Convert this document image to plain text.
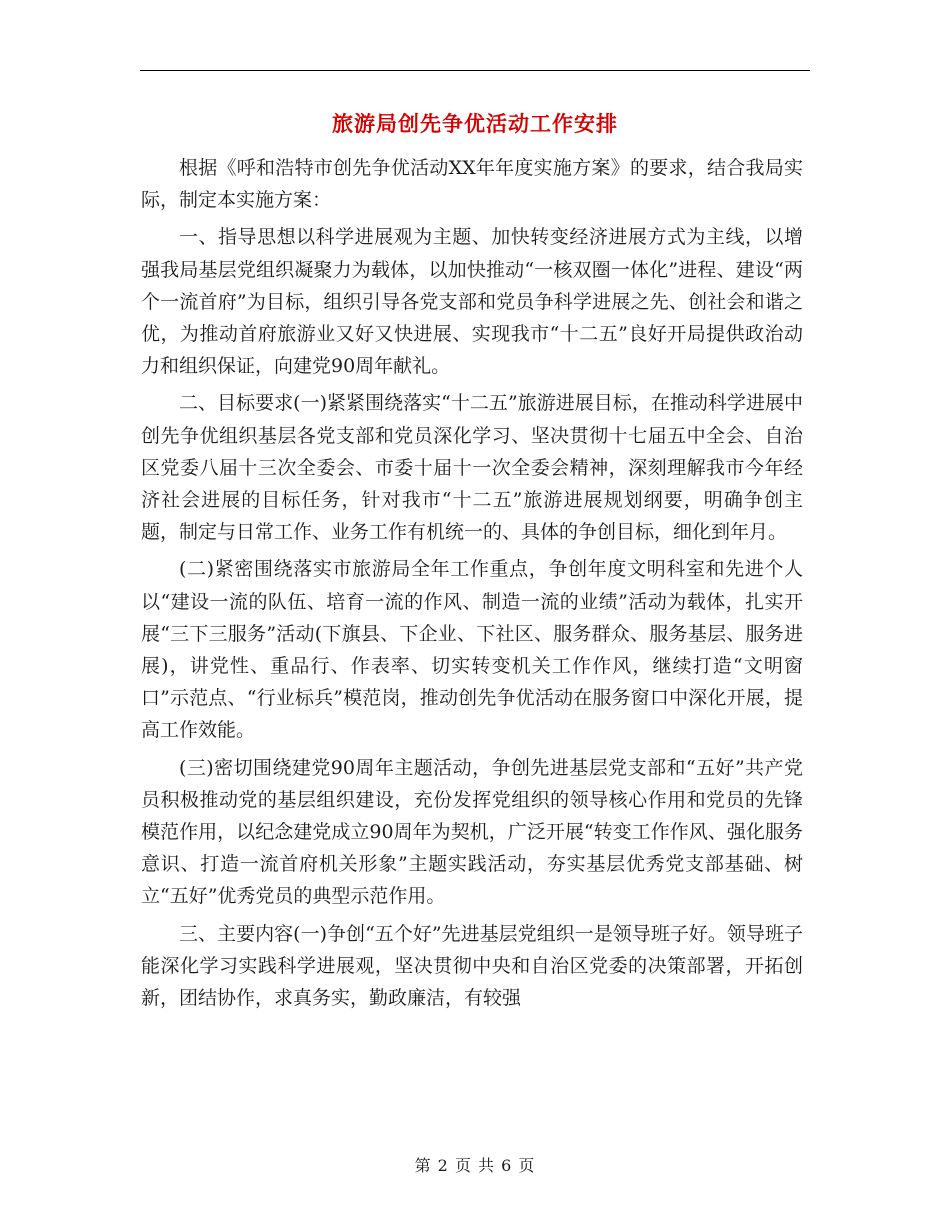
旅游局创先争优活动工作安排

根据《呼和浩特市创先争优活动XX年年度实施方案》的要求，结合我局实际，制定本实施方案：

一、指导思想以科学进展观为主题、加快转变经济进展方式为主线，以增强我局基层党组织凝聚力为载体，以加快推动“一核双圈一体化”进程、建设“两个一流首府”为目标，组织引导各党支部和党员争科学进展之先、创社会和谐之优，为推动首府旅游业又好又快进展、实现我市“十二五”良好开局提供政治动力和组织保证，向建党90周年献礼。

二、目标要求(一)紧紧围绕落实“十二五”旅游进展目标，在推动科学进展中创先争优组织基层各党支部和党员深化学习、坚决贯彻十七届五中全会、自治区党委八届十三次全委会、市委十届十一次全委会精神，深刻理解我市今年经济社会进展的目标任务，针对我市“十二五”旅游进展规划纲要，明确争创主题，制定与日常工作、业务工作有机统一的、具体的争创目标，细化到年月。

(二)紧密围绕落实市旅游局全年工作重点，争创年度文明科室和先进个人以“建设一流的队伍、培育一流的作风、制造一流的业绩”活动为载体，扎实开展“三下三服务”活动(下旗县、下企业、下社区、服务群众、服务基层、服务进展)，讲党性、重品行、作表率、切实转变机关工作作风，继续打造“文明窗口”示范点、“行业标兵”模范岗，推动创先争优活动在服务窗口中深化开展，提高工作效能。

(三)密切围绕建党90周年主题活动，争创先进基层党支部和“五好”共产党员积极推动党的基层组织建设，充份发挥党组织的领导核心作用和党员的先锋模范作用，以纪念建党成立90周年为契机，广泛开展“转变工作作风、强化服务意识、打造一流首府机关形象”主题实践活动，夯实基层优秀党支部基础、树立“五好”优秀党员的典型示范作用。

三、主要内容(一)争创“五个好”先进基层党组织一是领导班子好。领导班子能深化学习实践科学进展观，坚决贯彻中央和自治区党委的决策部署，开拓创新，团结协作，求真务实，勤政廉洁，有较强

第 2 页 共 6 页
